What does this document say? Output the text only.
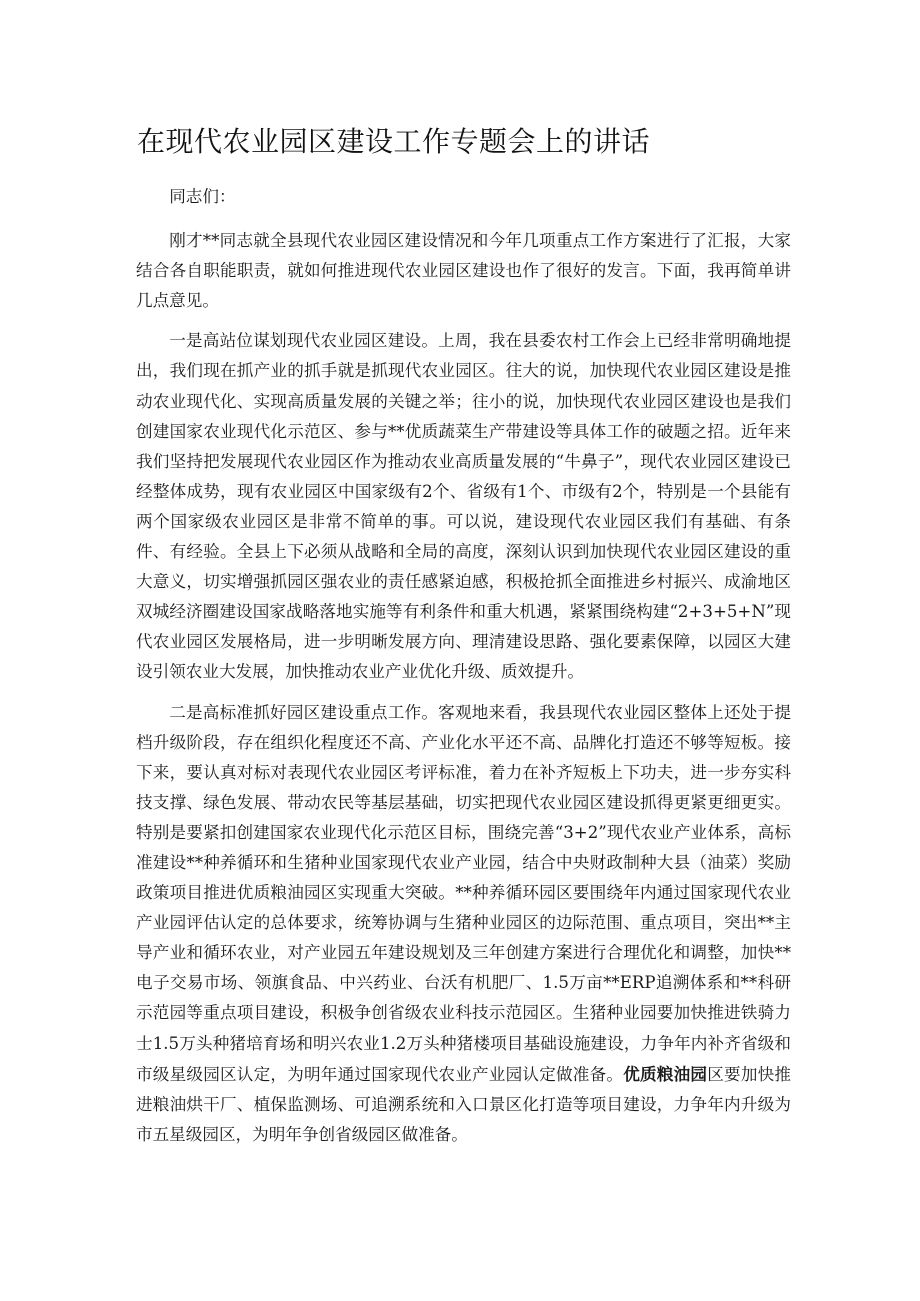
在现代农业园区建设工作专题会上的讲话

同志们：

刚才**同志就全县现代农业园区建设情况和今年几项重点工作方案进行了汇报，大家结合各自职能职责，就如何推进现代农业园区建设也作了很好的发言。下面，我再简单讲几点意见。

一是高站位谋划现代农业园区建设。上周，我在县委农村工作会上已经非常明确地提出，我们现在抓产业的抓手就是抓现代农业园区。往大的说，加快现代农业园区建设是推动农业现代化、实现高质量发展的关键之举；往小的说，加快现代农业园区建设也是我们创建国家农业现代化示范区、参与**优质蔬菜生产带建设等具体工作的破题之招。近年来我们坚持把发展现代农业园区作为推动农业高质量发展的“牛鼻子”，现代农业园区建设已经整体成势，现有农业园区中国家级有2个、省级有1个、市级有2个，特别是一个县能有两个国家级农业园区是非常不简单的事。可以说，建设现代农业园区我们有基础、有条件、有经验。全县上下必须从战略和全局的高度，深刻认识到加快现代农业园区建设的重大意义，切实增强抓园区强农业的责任感紧迫感，积极抢抓全面推进乡村振兴、成渝地区双城经济圈建设国家战略落地实施等有利条件和重大机遇，紧紧围绕构建“2+3+5+N”现代农业园区发展格局，进一步明晰发展方向、理清建设思路、强化要素保障，以园区大建设引领农业大发展，加快推动农业产业优化升级、质效提升。

二是高标准抓好园区建设重点工作。客观地来看，我县现代农业园区整体上还处于提档升级阶段，存在组织化程度还不高、产业化水平还不高、品牌化打造还不够等短板。接下来，要认真对标对表现代农业园区考评标准，着力在补齐短板上下功夫，进一步夯实科技支撑、绿色发展、带动农民等基层基础，切实把现代农业园区建设抓得更紧更细更实。特别是要紧扣创建国家农业现代化示范区目标，围绕完善“3+2”现代农业产业体系，高标准建设**种养循环和生猪种业国家现代农业产业园，结合中央财政制种大县（油菜）奖励政策项目推进优质粮油园区实现重大突破。**种养循环园区要围绕年内通过国家现代农业产业园评估认定的总体要求，统筹协调与生猪种业园区的边际范围、重点项目，突出**主导产业和循环农业，对产业园五年建设规划及三年创建方案进行合理优化和调整，加快**电子交易市场、领旗食品、中兴药业、台沃有机肥厂、1.5万亩**ERP追溯体系和**科研示范园等重点项目建设，积极争创省级农业科技示范园区。生猪种业园要加快推进铁骑力士1.5万头种猪培育场和明兴农业1.2万头种猪楼项目基础设施建设，力争年内补齐省级和市级星级园区认定，为明年通过国家现代农业产业园认定做准备。优质粮油园区要加快推进粮油烘干厂、植保监测场、可追溯系统和入口景区化打造等项目建设，力争年内升级为市五星级园区，为明年争创省级园区做准备。
